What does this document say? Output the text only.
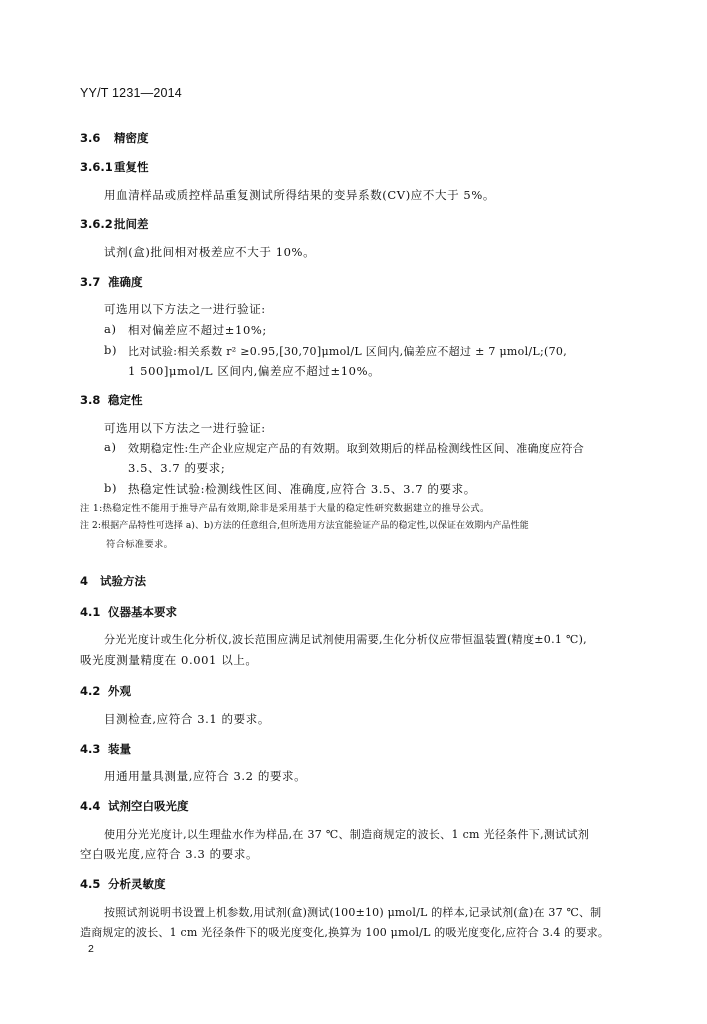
YY/T 1231—2014
3.6 精密度
3.6.1重复性
用血清样品或质控样品重复测试所得结果的变异系数(CV)应不大于 5%。
3.6.2批间差
试剂(盒)批间相对极差应不大于 10%。
3.7 准确度
可选用以下方法之一进行验证:
a) 相对偏差应不超过±10%;
b) 比对试验:相关系数 r² ≥0.95,[30,70]μmol/L 区间内,偏差应不超过 ± 7 μmol/L;(70,
1 500]μmol/L 区间内,偏差应不超过±10%。
3.8 稳定性
可选用以下方法之一进行验证:
a) 效期稳定性:生产企业应规定产品的有效期。取到效期后的样品检测线性区间、准确度应符合
3.5、3.7 的要求;
b) 热稳定性试验:检测线性区间、准确度,应符合 3.5、3.7 的要求。
注 1:热稳定性不能用于推导产品有效期,除非是采用基于大量的稳定性研究数据建立的推导公式。
注 2:根据产品特性可选择 a)、b)方法的任意组合,但所选用方法宜能验证产品的稳定性,以保证在效期内产品性能
符合标准要求。
4 试验方法
4.1 仪器基本要求
分光光度计或生化分析仪,波长范围应满足试剂使用需要,生化分析仪应带恒温装置(精度±0.1 ℃),
吸光度测量精度在 0.001 以上。
4.2 外观
目测检查,应符合 3.1 的要求。
4.3 装量
用通用量具测量,应符合 3.2 的要求。
4.4 试剂空白吸光度
使用分光光度计,以生理盐水作为样品,在 37 ℃、制造商规定的波长、1 cm 光径条件下,测试试剂
空白吸光度,应符合 3.3 的要求。
4.5 分析灵敏度
按照试剂说明书设置上机参数,用试剂(盒)测试(100±10) μmol/L 的样本,记录试剂(盒)在 37 ℃、制
造商规定的波长、1 cm 光径条件下的吸光度变化,换算为 100 μmol/L 的吸光度变化,应符合 3.4 的要求。
2
